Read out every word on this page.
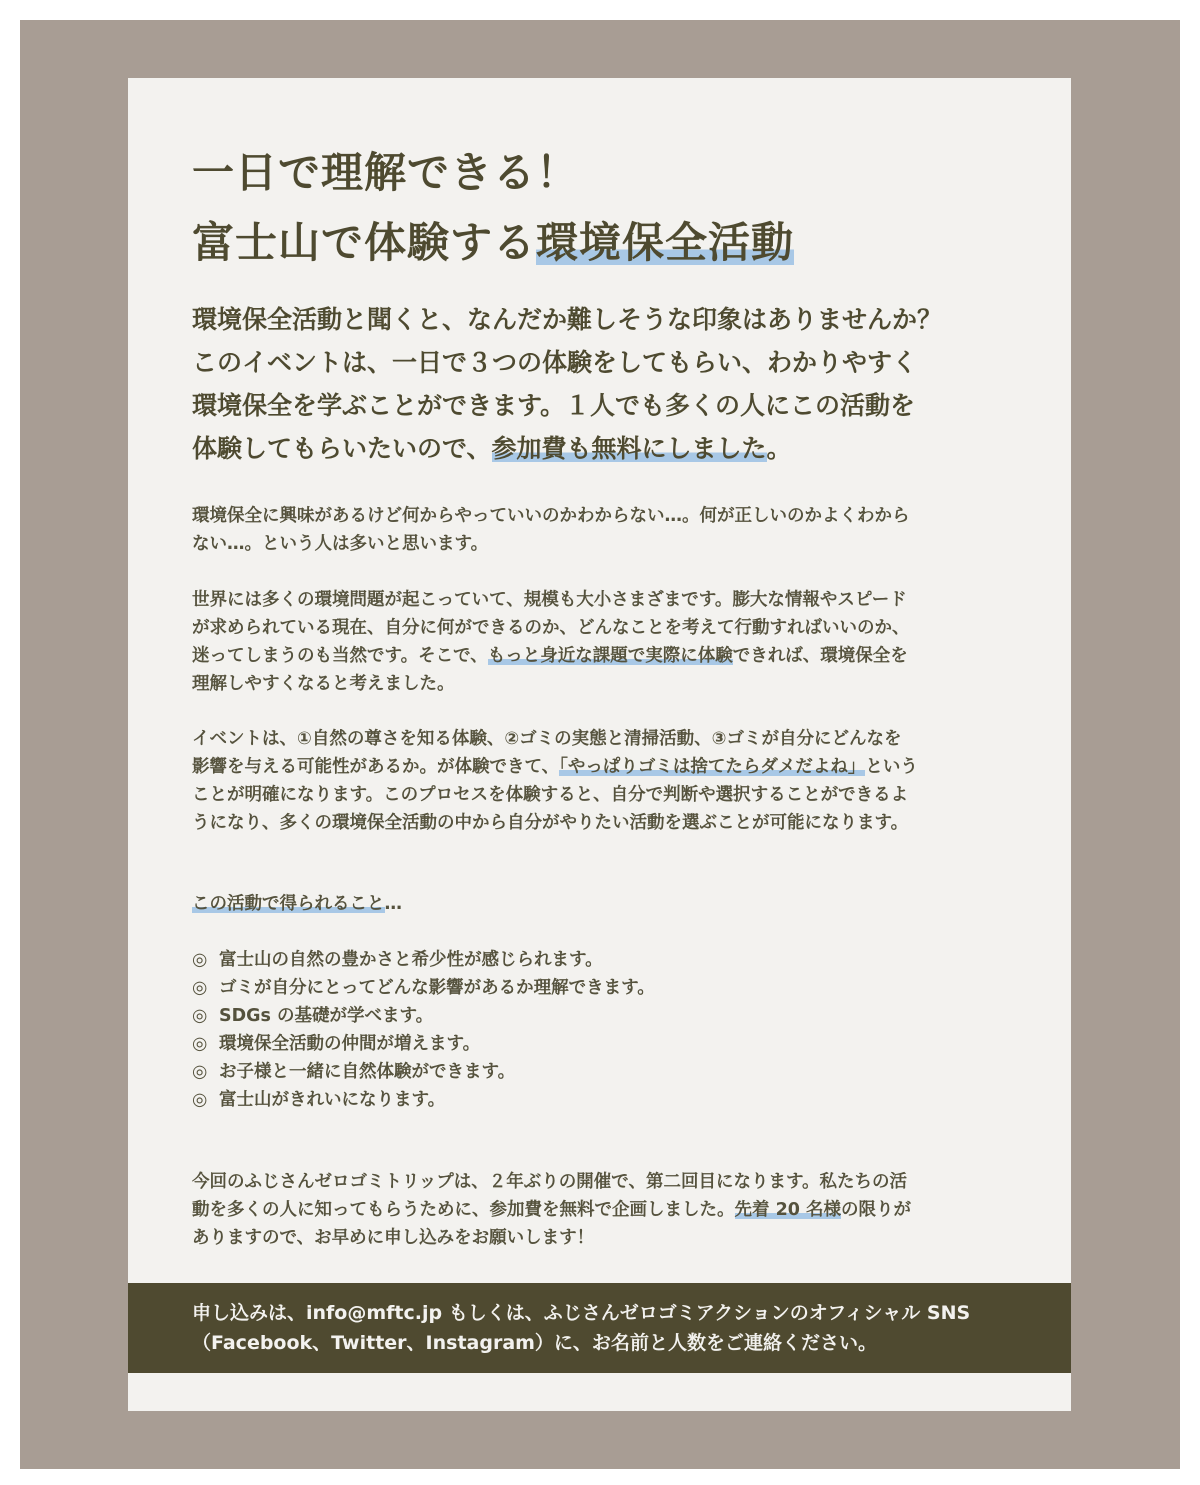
一日で理解できる！
富士山で体験する環境保全活動
環境保全活動と聞くと、なんだか難しそうな印象はありませんか？
このイベントは、一日で３つの体験をしてもらい、わかりやすく
環境保全を学ぶことができます。１人でも多くの人にこの活動を
体験してもらいたいので、参加費も無料にしました。
環境保全に興味があるけど何からやっていいのかわからない…。何が正しいのかよくわから
ない…。という人は多いと思います。
世界には多くの環境問題が起こっていて、規模も大小さまざまです。膨大な情報やスピード
が求められている現在、自分に何ができるのか、どんなことを考えて行動すればいいのか、
迷ってしまうのも当然です。そこで、もっと身近な課題で実際に体験できれば、環境保全を
理解しやすくなると考えました。
イベントは、①自然の尊さを知る体験、②ゴミの実態と清掃活動、③ゴミが自分にどんなを
影響を与える可能性があるか。が体験できて、「やっぱりゴミは捨てたらダメだよね」という
ことが明確になります。このプロセスを体験すると、自分で判断や選択することができるよ
うになり、多くの環境保全活動の中から自分がやりたい活動を選ぶことが可能になります。
この活動で得られること…
◎ 富士山の自然の豊かさと希少性が感じられます。
◎ ゴミが自分にとってどんな影響があるか理解できます。
◎ SDGs の基礎が学べます。
◎ 環境保全活動の仲間が増えます。
◎ お子様と一緒に自然体験ができます。
◎ 富士山がきれいになります。
今回のふじさんゼロゴミトリップは、２年ぶりの開催で、第二回目になります。私たちの活
動を多くの人に知ってもらうために、参加費を無料で企画しました。先着 20 名様の限りが
ありますので、お早めに申し込みをお願いします！
申し込みは、info@mftc.jp もしくは、ふじさんゼロゴミアクションのオフィシャル SNS
（Facebook、Twitter、Instagram）に、お名前と人数をご連絡ください。
